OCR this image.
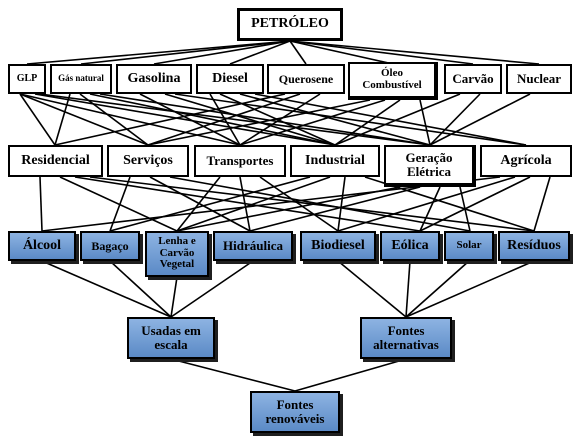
PETRÓLEO
GLP	Gás natural	Gasolina	Diesel	Querosene	Óleo Combustível	Carvão	Nuclear
Residencial	Serviços	Transportes	Industrial	Geração Elétrica
Agrícola
Álcool	Bagaço	Lenha e Carvão Vegetal
Hidráulica	Biodiesel	Eólica	Solar	Resíduos
Usadas em escala
Fontes alternativas
Fontes renováveis
